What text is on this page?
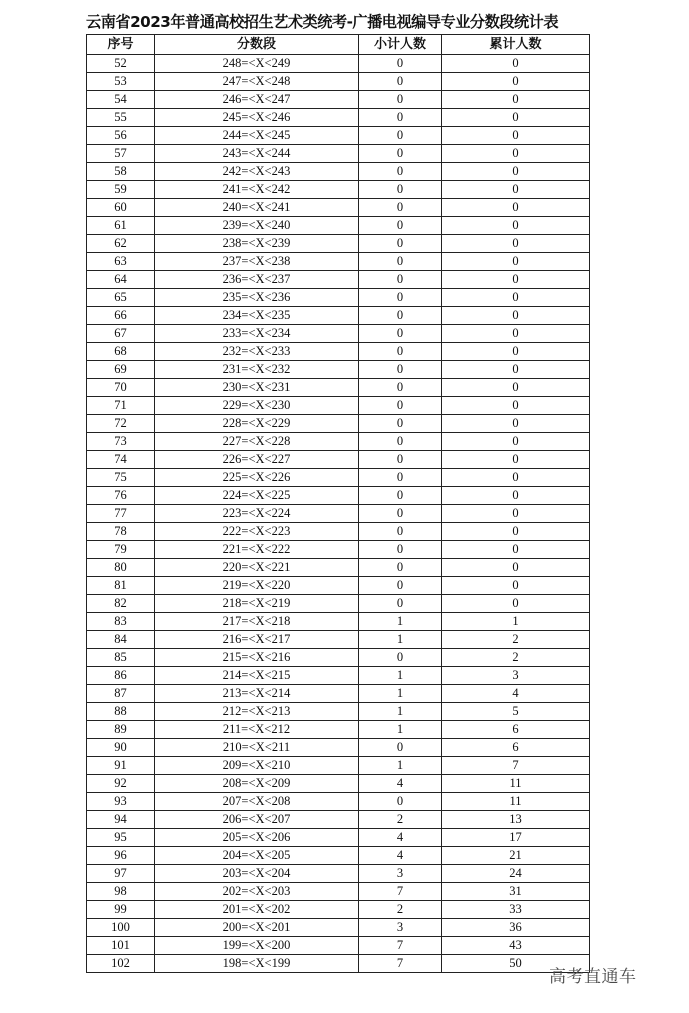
云南省2023年普通高校招生艺术类统考-广播电视编导专业分数段统计表
序号	分数段	小计人数	累计人数
52	248=<X<249	0	0
53	247=<X<248	0	0
54	246=<X<247	0	0
55	245=<X<246	0	0
56	244=<X<245	0	0
57	243=<X<244	0	0
58	242=<X<243	0	0
59	241=<X<242	0	0
60	240=<X<241	0	0
61	239=<X<240	0	0
62	238=<X<239	0	0
63	237=<X<238	0	0
64	236=<X<237	0	0
65	235=<X<236	0	0
66	234=<X<235	0	0
67	233=<X<234	0	0
68	232=<X<233	0	0
69	231=<X<232	0	0
70	230=<X<231	0	0
71	229=<X<230	0	0
72	228=<X<229	0	0
73	227=<X<228	0	0
74	226=<X<227	0	0
75	225=<X<226	0	0
76	224=<X<225	0	0
77	223=<X<224	0	0
78	222=<X<223	0	0
79	221=<X<222	0	0
80	220=<X<221	0	0
81	219=<X<220	0	0
82	218=<X<219	0	0
83	217=<X<218	1	1
84	216=<X<217	1	2
85	215=<X<216	0	2
86	214=<X<215	1	3
87	213=<X<214	1	4
88	212=<X<213	1	5
89	211=<X<212	1	6
90	210=<X<211	0	6
91	209=<X<210	1	7
92	208=<X<209	4	11
93	207=<X<208	0	11
94	206=<X<207	2	13
95	205=<X<206	4	17
96	204=<X<205	4	21
97	203=<X<204	3	24
98	202=<X<203	7	31
99	201=<X<202	2	33
100	200=<X<201	3	36
101	199=<X<200	7	43
102	198=<X<199	7	50
高考直通车
